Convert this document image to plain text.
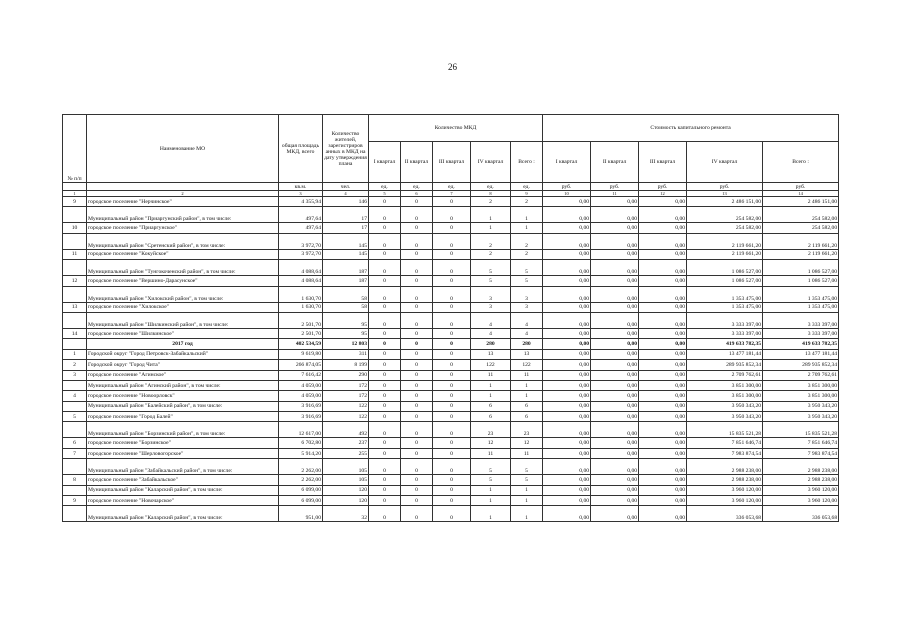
26
№ п/п	Наименование МО	общая площадь МКД, всего	Количество жителей, зарегистриров анных в МКД на дату утверждения плана	Количество МКД					Стоимость капитального ремонта				
				I квартал	II квартал	III квартал	IV квартал	Всего :	I квартал	II квартал	III квартал	IV квартал	Всего :
		кв.м.	чел.	ед.	ед.	ед.	ед.	ед.	руб.	руб.	руб.	руб.	руб.
1	2	3	4	5	6	7	8	9	10	11	12	13	14
9	городское поселение "Нерчинское"	4 355,94	146	0	0	0	2	2	0,00	0,00	0,00	2 486 151,00	2 486 151,00
	Муниципальный район "Приаргунский район", в том числе:	497,64	17	0	0	0	1	1	0,00	0,00	0,00	254 582,00	254 582,00
10	городское поселение "Приаргунское"	497,64	17	0	0	0	1	1	0,00	0,00	0,00	254 582,00	254 582,00
	Муниципальный район "Сретенский район", в том числе:	3 972,70	145	0	0	0	2	2	0,00	0,00	0,00	2 119 661,20	2 119 661,20
11	городское поселение "Кокуйское"	3 972,70	145	0	0	0	2	2	0,00	0,00	0,00	2 119 661,20	2 119 661,20
	Муниципальный район "Тунгокоченский район", в том числе:	4 088,64	187	0	0	0	5	5	0,00	0,00	0,00	1 086 527,00	1 086 527,00
12	городское поселение "Вершино-Дарасунское"	4 088,64	187	0	0	0	5	5	0,00	0,00	0,00	1 086 527,00	1 086 527,00
	Муниципальный район "Хилокский район", в том числе:	1 630,70	58	0	0	0	3	3	0,00	0,00	0,00	1 353 475,00	1 353 475,00
13	городское поселение "Хилокское"	1 630,70	58	0	0	0	3	3	0,00	0,00	0,00	1 353 475,00	1 353 475,00
	Муниципальный район "Шилкинский район", в том числе:	2 501,70	95	0	0	0	4	4	0,00	0,00	0,00	3 333 397,00	3 333 397,00
14	городское поселение "Шилкинское"	2 501,70	95	0	0	0	4	4	0,00	0,00	0,00	3 333 397,00	3 333 397,00
	2017 год	402 534,59	12 803	0	0	0	280	280	0,00	0,00	0,00	419 633 782,35	419 633 782,35
1	Городской округ "Город Петровск-Забайкальский"	9 619,80	311	0	0	0	13	13	0,00	0,00	0,00	13 477 181,44	13 477 181,44
2	Городской округ "Город Чита"	266 874,05	8 199	0	0	0	122	122	0,00	0,00	0,00	289 935 852,34	289 935 852,34
3	городское поселение "Агинское"	7 616,42	290	0	0	0	11	11	0,00	0,00	0,00	2 709 762,61	2 709 762,61
	Муниципальный район "Агинский район", в том числе:	4 059,00	172	0	0	0	1	1	0,00	0,00	0,00	3 851 300,00	3 851 300,00
4	городское поселение "Новоорловск"	4 059,00	172	0	0	0	1	1	0,00	0,00	0,00	3 851 300,00	3 851 300,00
	Муниципальный район "Балейский район", в том числе:	3 916,69	122	0	0	0	6	6	0,00	0,00	0,00	3 950 343,20	3 950 343,20
5	городское поселение "Город Балей"	3 916,69	122	0	0	0	6	6	0,00	0,00	0,00	3 950 343,20	3 950 343,20
	Муниципальный район "Борзинский район", в том числе:	12 617,00	492	0	0	0	23	23	0,00	0,00	0,00	15 835 521,28	15 835 521,28
6	городское поселение "Борзинское"	6 702,80	237	0	0	0	12	12	0,00	0,00	0,00	7 851 646,74	7 851 646,74
7	городское поселение "Шерловогорское"	5 914,20	255	0	0	0	11	11	0,00	0,00	0,00	7 983 874,54	7 983 874,54
	Муниципальный район "Забайкальский район", в том числе:	2 262,00	105	0	0	0	5	5	0,00	0,00	0,00	2 988 238,00	2 988 238,00
8	городское поселение "Забайкальское"	2 262,00	105	0	0	0	5	5	0,00	0,00	0,00	2 988 238,00	2 988 238,00
	Муниципальный район "Каларский район", в том числе:	6 099,00	120	0	0	0	1	1	0,00	0,00	0,00	3 960 120,00	3 960 120,00
9	городское поселение "Новочарское"	6 099,00	120	0	0	0	1	1	0,00	0,00	0,00	3 960 120,00	3 960 120,00
	Муниципальный район "Каларский район", в том числе:	951,00	32	0	0	0	1	1	0,00	0,00	0,00	336 053,68	336 053,68
